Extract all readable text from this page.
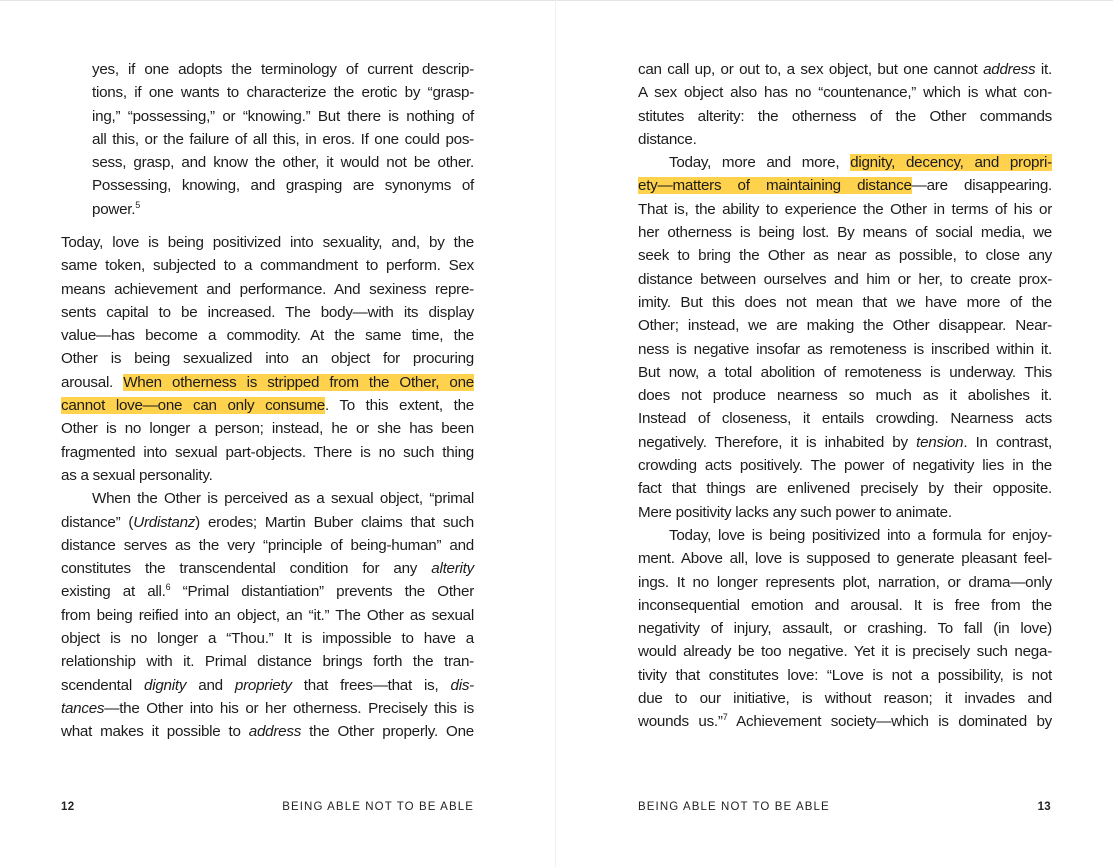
yes, if one adopts the terminology of current descrip-
tions, if one wants to characterize the erotic by “grasp-
ing,” “possessing,” or “knowing.” But there is nothing of
all this, or the failure of all this, in eros. If one could pos-
sess, grasp, and know the other, it would not be other.
Possessing, knowing, and grasping are synonyms of
power.$^5$
Today, love is being positivized into sexuality, and, by the
same token, subjected to a commandment to perform. Sex
means achievement and performance. And sexiness repre-
sents capital to be increased. The body—with its display
value—has become a commodity. At the same time, the
Other is being sexualized into an object for procuring
arousal. When otherness is stripped from the Other, one
cannot love—one can only consume. To this extent, the
Other is no longer a person; instead, he or she has been
fragmented into sexual part-objects. There is no such thing
as a sexual personality.
When the Other is perceived as a sexual object, “primal
distance” (Urdistanz) erodes; Martin Buber claims that such
distance serves as the very “principle of being-human” and
constitutes the transcendental condition for any alterity
existing at all.$^6$ “Primal distantiation” prevents the Other
from being reified into an object, an “it.” The Other as sexual
object is no longer a “Thou.” It is impossible to have a
relationship with it. Primal distance brings forth the tran-
scendental dignity and propriety that frees—that is, dis-
tances—the Other into his or her otherness. Precisely this is
what makes it possible to address the Other properly. One
12	BEING ABLE NOT TO BE ABLE
can call up, or out to, a sex object, but one cannot address it.
A sex object also has no “countenance,” which is what con-
stitutes alterity: the otherness of the Other commands
distance.
Today, more and more, dignity, decency, and propri-
ety—matters of maintaining distance—are disappearing.
That is, the ability to experience the Other in terms of his or
her otherness is being lost. By means of social media, we
seek to bring the Other as near as possible, to close any
distance between ourselves and him or her, to create prox-
imity. But this does not mean that we have more of the
Other; instead, we are making the Other disappear. Near-
ness is negative insofar as remoteness is inscribed within it.
But now, a total abolition of remoteness is underway. This
does not produce nearness so much as it abolishes it.
Instead of closeness, it entails crowding. Nearness acts
negatively. Therefore, it is inhabited by tension. In contrast,
crowding acts positively. The power of negativity lies in the
fact that things are enlivened precisely by their opposite.
Mere positivity lacks any such power to animate.
Today, love is being positivized into a formula for enjoy-
ment. Above all, love is supposed to generate pleasant feel-
ings. It no longer represents plot, narration, or drama—only
inconsequential emotion and arousal. It is free from the
negativity of injury, assault, or crashing. To fall (in love)
would already be too negative. Yet it is precisely such nega-
tivity that constitutes love: “Love is not a possibility, is not
due to our initiative, is without reason; it invades and
wounds us.”$^7$ Achievement society—which is dominated by
BEING ABLE NOT TO BE ABLE	13
